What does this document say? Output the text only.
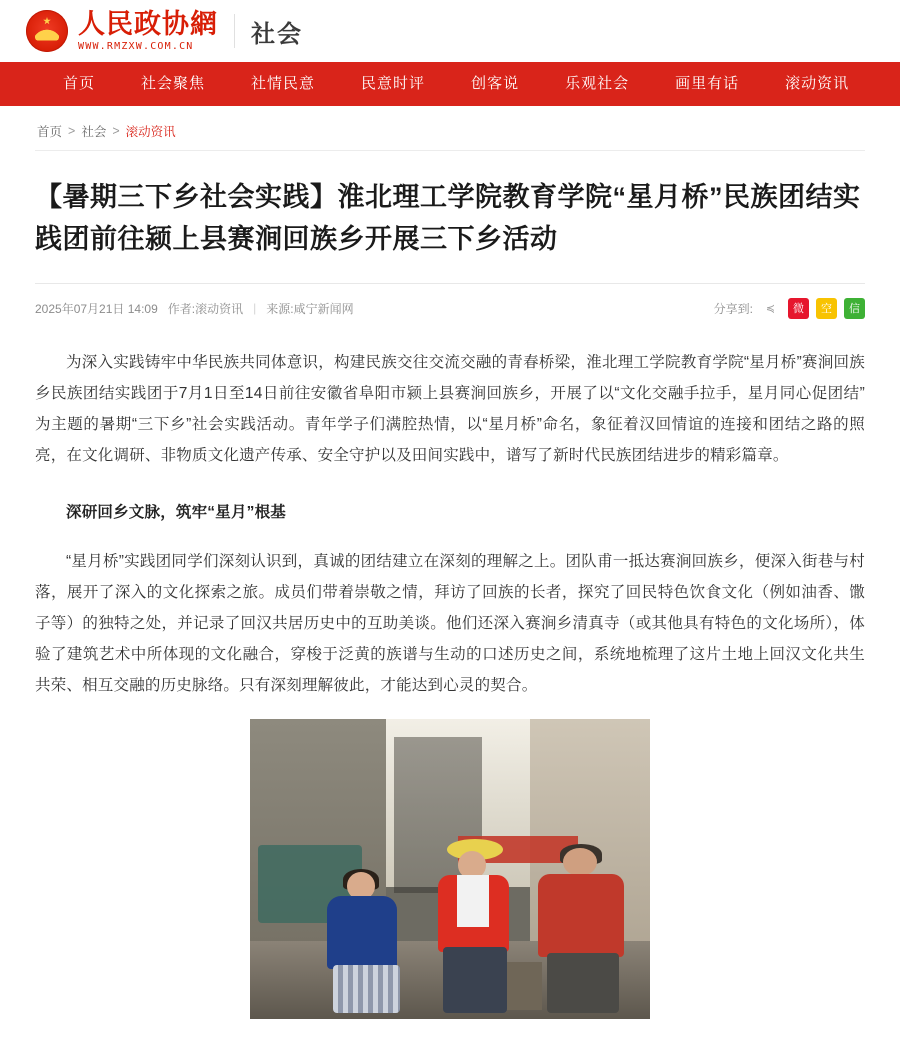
人民政协網
WWW.RMZXW.COM.CN	社会
首页	社会聚焦	社情民意	民意时评	创客说	乐观社会	画里有话	滚动资讯
首页 > 社会 > 滚动资讯
【暑期三下乡社会实践】淮北理工学院教育学院“星月桥”民族团结实践团前往颍上县赛涧回族乡开展三下乡活动
2025年07月21日 14:09 作者:滚动资讯 | 来源:咸宁新闻网	分享到:	≼	微	空	信

为深入实践铸牢中华民族共同体意识，构建民族交往交流交融的青春桥梁，淮北理工学院教育学院“星月桥”赛涧回族乡民族团结实践团于7月1日至14日前往安徽省阜阳市颍上县赛涧回族乡，开展了以“文化交融手拉手，星月同心促团结”为主题的暑期“三下乡”社会实践活动。青年学子们满腔热情，以“星月桥”命名，象征着汉回情谊的连接和团结之路的照亮，在文化调研、非物质文化遗产传承、安全守护以及田间实践中，谱写了新时代民族团结进步的精彩篇章。

深研回乡文脉，筑牢“星月”根基

“星月桥”实践团同学们深刻认识到，真诚的团结建立在深刻的理解之上。团队甫一抵达赛涧回族乡，便深入街巷与村落，展开了深入的文化探索之旅。成员们带着崇敬之情，拜访了回族的长者，探究了回民特色饮食文化（例如油香、馓子等）的独特之处，并记录了回汉共居历史中的互助美谈。他们还深入赛涧乡清真寺（或其他具有特色的文化场所），体验了建筑艺术中所体现的文化融合，穿梭于泛黄的族谱与生动的口述历史之间，系统地梳理了这片土地上回汉文化共生共荣、相互交融的历史脉络。只有深刻理解彼此，才能达到心灵的契合。
